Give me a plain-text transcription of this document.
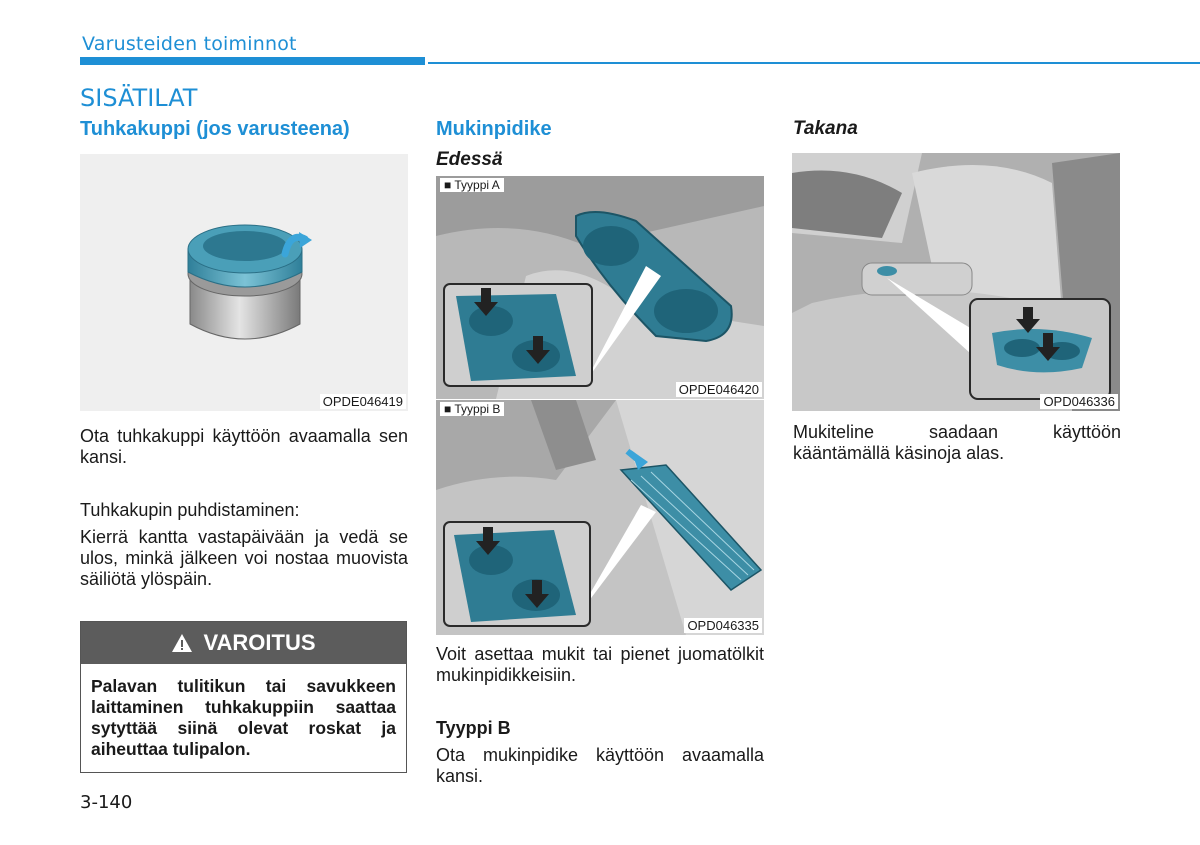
Varusteiden toiminnot
SISÄTILAT
Tuhkakuppi (jos varusteena)
OPDE046419
Ota tuhkakuppi käyttöön avaamalla sen kansi.
Tuhkakupin puhdistaminen:
Kierrä kantta vastapäivään ja vedä se ulos, minkä jälkeen voi nostaa muovista säiliötä ylöspäin.
VAROITUS
Palavan tulitikun tai savukkeen laittaminen tuhkakuppiin saattaa sytyttää siinä olevat roskat ja aiheuttaa tulipalon.
3-140
Mukinpidike
Edessä
■ Tyyppi A
OPDE046420
■ Tyyppi B
OPD046335
Voit asettaa mukit tai pienet juomatölkit mukinpidikkeisiin.
Tyyppi B
Ota mukinpidike käyttöön avaamalla kansi.
Takana
OPD046336
Mukiteline saadaan käyttöön kääntämällä käsinoja alas.
